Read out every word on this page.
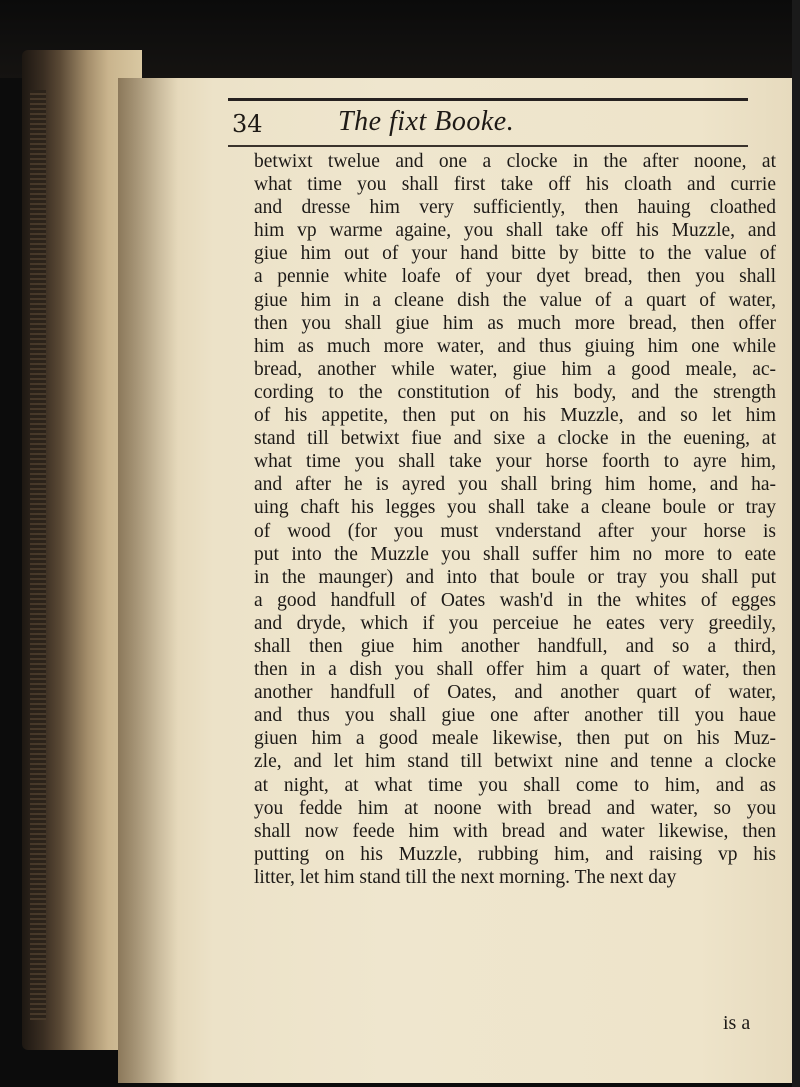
34	The fixt Booke.
betwixt twelue and one a clocke in the after noone, at
what time you shall first take off his cloath and currie
and dresse him very sufficiently, then hauing cloathed
him vp warme againe, you shall take off his Muzzle, and
giue him out of your hand bitte by bitte to the value of
a pennie white loafe of your dyet bread, then you shall
giue him in a cleane dish the value of a quart of water,
then you shall giue him as much more bread, then offer
him as much more water, and thus giuing him one while
bread, another while water, giue him a good meale, ac-
cording to the constitution of his body, and the strength
of his appetite, then put on his Muzzle, and so let him
stand till betwixt fiue and sixe a clocke in the euening, at
what time you shall take your horse foorth to ayre him,
and after he is ayred you shall bring him home, and ha-
uing chaft his legges you shall take a cleane boule or tray
of wood (for you must vnderstand after your horse is
put into the Muzzle you shall suffer him no more to eate
in the maunger) and into that boule or tray you shall put
a good handfull of Oates wash'd in the whites of egges
and dryde, which if you perceiue he eates very greedily,
shall then giue him another handfull, and so a third,
then in a dish you shall offer him a quart of water, then
another handfull of Oates, and another quart of water,
and thus you shall giue one after another till you haue
giuen him a good meale likewise, then put on his Muz-
zle, and let him stand till betwixt nine and tenne a clocke
at night, at what time you shall come to him, and as
you fedde him at noone with bread and water, so you
shall now feede him with bread and water likewise, then
putting on his Muzzle, rubbing him, and raising vp his
litter, let him stand till the next morning. The next day
is a
